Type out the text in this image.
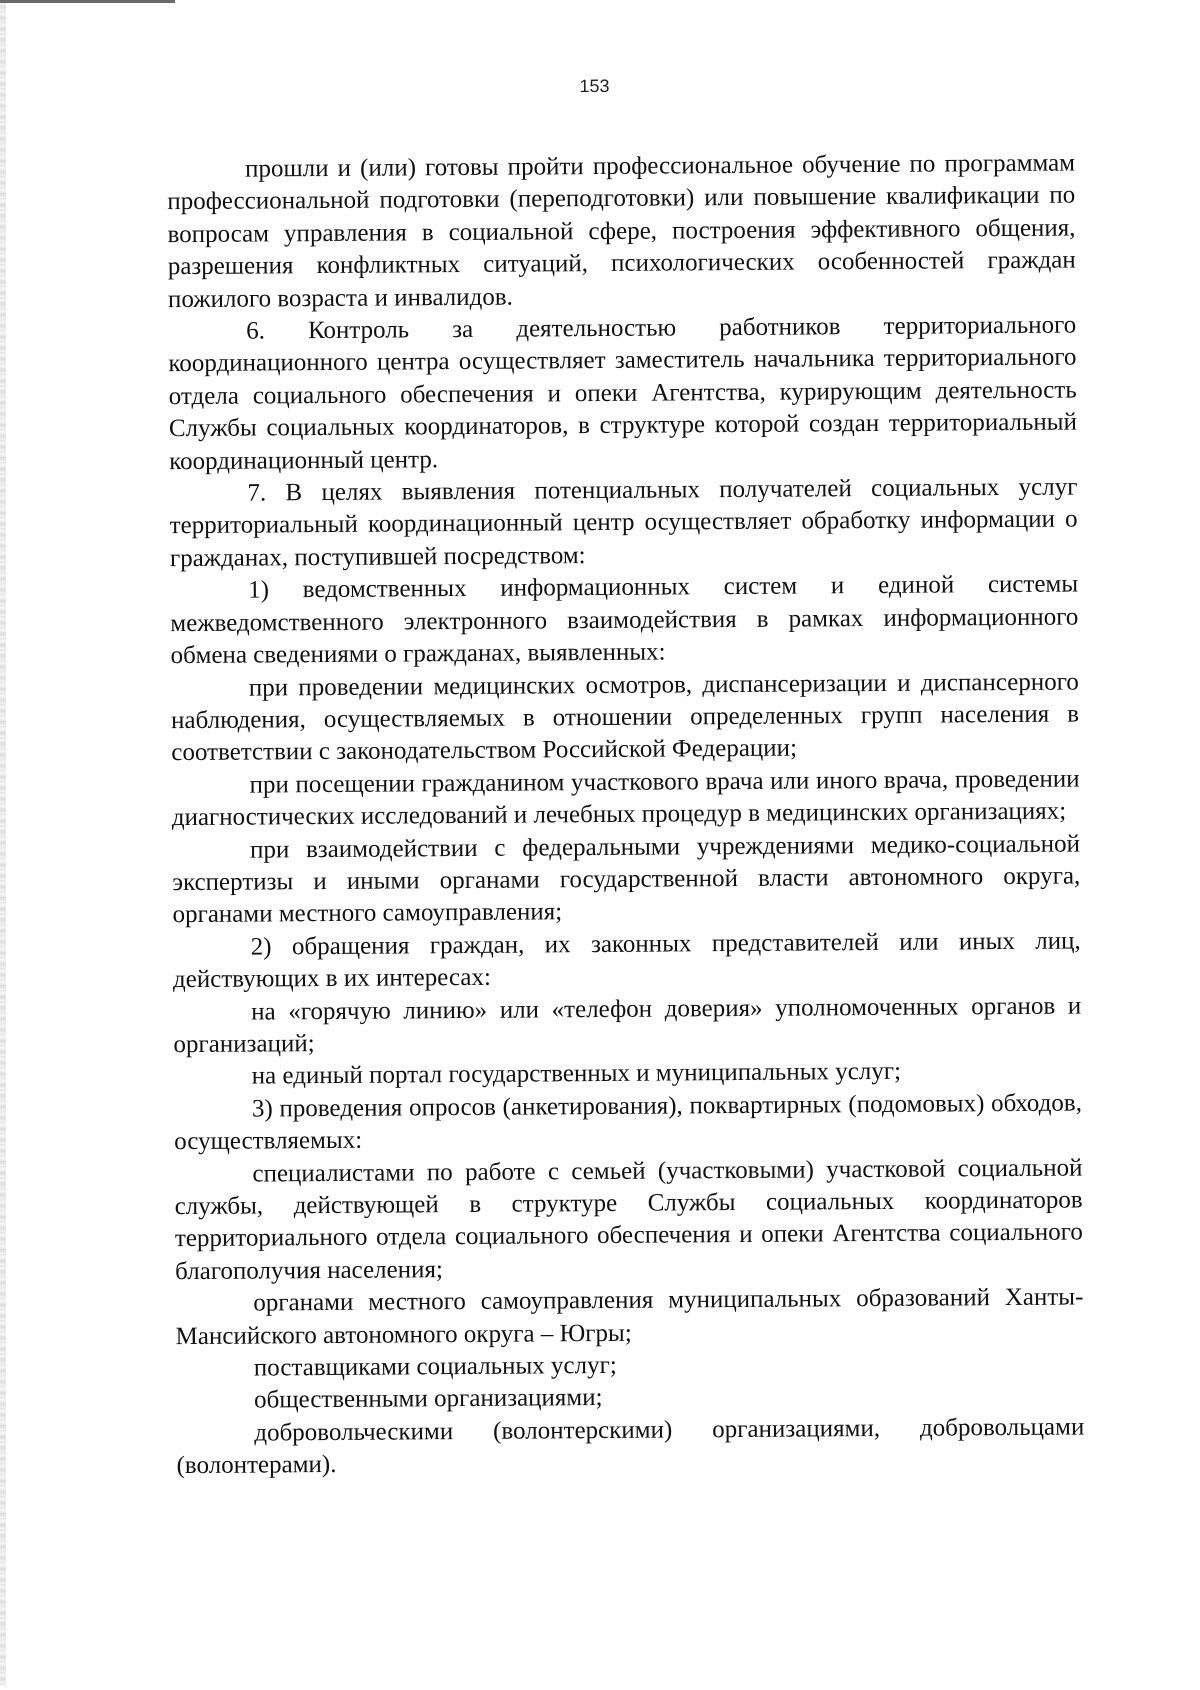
153

прошли и (или) готовы пройти профессиональное обучение по программам профессиональной подготовки (переподготовки) или повышение квалификации по вопросам управления в социальной сфере, построения эффективного общения, разрешения конфликтных ситуаций, психологических особенностей граждан пожилого возраста и инвалидов.

6. Контроль за деятельностью работников территориального координационного центра осуществляет заместитель начальника территориального отдела социального обеспечения и опеки Агентства, курирующим деятельность Службы социальных координаторов, в структуре которой создан территориальный координационный центр.

7. В целях выявления потенциальных получателей социальных услуг территориальный координационный центр осуществляет обработку информации о гражданах, поступившей посредством:

1) ведомственных информационных систем и единой системы межведомственного электронного взаимодействия в рамках информационного обмена сведениями о гражданах, выявленных:

при проведении медицинских осмотров, диспансеризации и диспансерного наблюдения, осуществляемых в отношении определенных групп населения в соответствии с законодательством Российской Федерации;

при посещении гражданином участкового врача или иного врача, проведении диагностических исследований и лечебных процедур в медицинских организациях;

при взаимодействии с федеральными учреждениями медико-социальной экспертизы и иными органами государственной власти автономного округа, органами местного самоуправления;

2) обращения граждан, их законных представителей или иных лиц, действующих в их интересах:

на «горячую линию» или «телефон доверия» уполномоченных органов и организаций;

на единый портал государственных и муниципальных услуг;

3) проведения опросов (анкетирования), поквартирных (подомовых) обходов, осуществляемых:

специалистами по работе с семьей (участковыми) участковой социальной службы, действующей в структуре Службы социальных координаторов территориального отдела социального обеспечения и опеки Агентства социального благополучия населения;

органами местного самоуправления муниципальных образований Ханты-Мансийского автономного округа – Югры;

поставщиками социальных услуг;

общественными организациями;

добровольческими (волонтерскими) организациями, добровольцами (волонтерами).
